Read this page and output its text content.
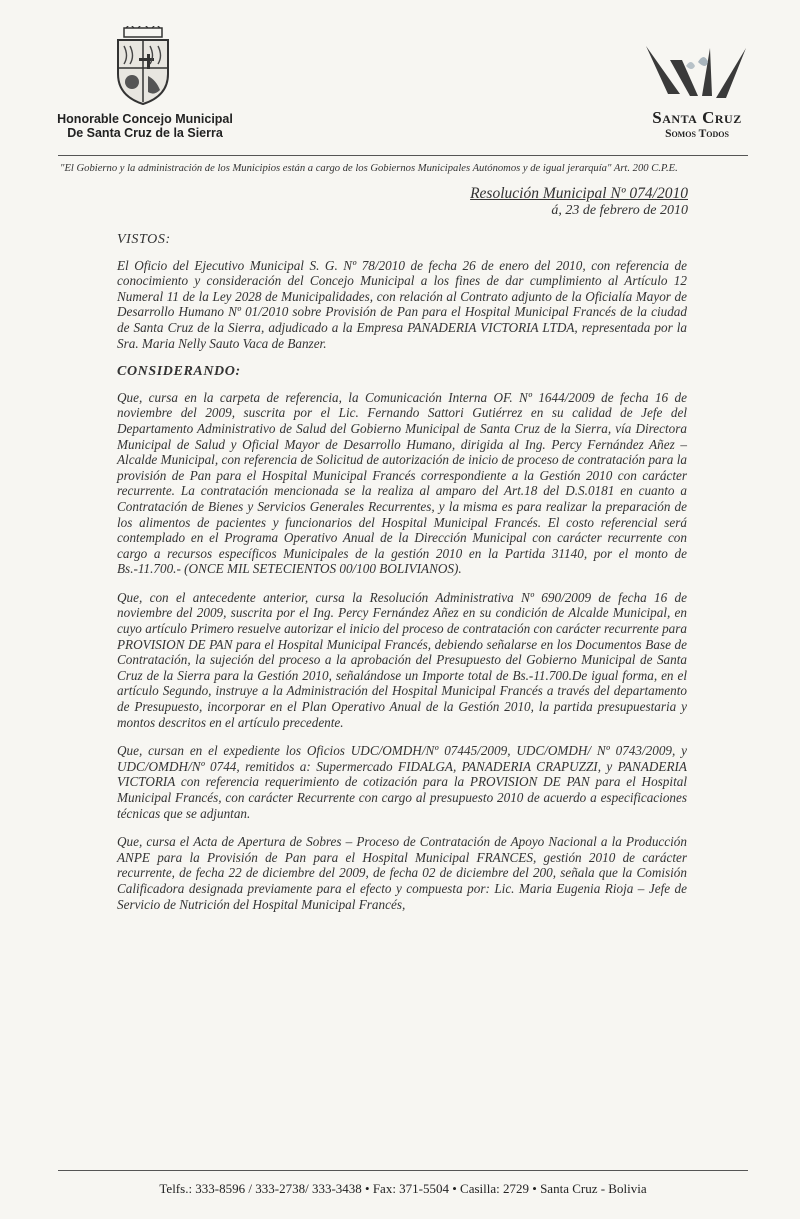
Honorable Concejo Municipal
De Santa Cruz de la Sierra
Santa Cruz
Somos Todos
"El Gobierno y la administración de los Municipios están a cargo de los Gobiernos Municipales Autónomos y de igual jerarquía" Art. 200 C.P.E.
Resolución Municipal Nº 074/2010
á, 23 de febrero de 2010
VISTOS:

El Oficio del Ejecutivo Municipal S. G. Nº 78/2010 de fecha 26 de enero del 2010, con referencia de conocimiento y consideración del Concejo Municipal a los fines de dar cumplimiento al Artículo 12 Numeral 11 de la Ley 2028 de Municipalidades, con relación al Contrato adjunto de la Oficialía Mayor de Desarrollo Humano Nº 01/2010 sobre Provisión de Pan para el Hospital Municipal Francés de la ciudad de Santa Cruz de la Sierra, adjudicado a la Empresa PANADERIA VICTORIA LTDA, representada por la Sra. Maria Nelly Sauto Vaca de Banzer.

CONSIDERANDO:

Que, cursa en la carpeta de referencia, la Comunicación Interna OF. Nº 1644/2009 de fecha 16 de noviembre del 2009, suscrita por el Lic. Fernando Sattori Gutiérrez en su calidad de Jefe del Departamento Administrativo de Salud del Gobierno Municipal de Santa Cruz de la Sierra, vía Directora Municipal de Salud y Oficial Mayor de Desarrollo Humano, dirigida al Ing. Percy Fernández Añez – Alcalde Municipal, con referencia de Solicitud de autorización de inicio de proceso de contratación para la provisión de Pan para el Hospital Municipal Francés correspondiente a la Gestión 2010 con carácter recurrente. La contratación mencionada se la realiza al amparo del Art.18 del D.S.0181 en cuanto a Contratación de Bienes y Servicios Generales Recurrentes, y la misma es para realizar la preparación de los alimentos de pacientes y funcionarios del Hospital Municipal Francés. El costo referencial será contemplado en el Programa Operativo Anual de la Dirección Municipal con carácter recurrente con cargo a recursos específicos Municipales de la gestión 2010 en la Partida 31140, por el monto de Bs.-11.700.- (ONCE MIL SETECIENTOS 00/100 BOLIVIANOS).

Que, con el antecedente anterior, cursa la Resolución Administrativa Nº 690/2009 de fecha 16 de noviembre del 2009, suscrita por el Ing. Percy Fernández Añez en su condición de Alcalde Municipal, en cuyo artículo Primero resuelve autorizar el inicio del proceso de contratación con carácter recurrente para PROVISION DE PAN para el Hospital Municipal Francés, debiendo señalarse en los Documentos Base de Contratación, la sujeción del proceso a la aprobación del Presupuesto del Gobierno Municipal de Santa Cruz de la Sierra para la Gestión 2010, señalándose un Importe total de Bs.-11.700.De igual forma, en el artículo Segundo, instruye a la Administración del Hospital Municipal Francés a través del departamento de Presupuesto, incorporar en el Plan Operativo Anual de la Gestión 2010, la partida presupuestaria y montos descritos en el artículo precedente.

Que, cursan en el expediente los Oficios UDC/OMDH/Nº 07445/2009, UDC/OMDH/ Nº 0743/2009, y UDC/OMDH/Nº 0744, remitidos a: Supermercado FIDALGA, PANADERIA CRAPUZZI, y PANADERIA VICTORIA con referencia requerimiento de cotización para la PROVISION DE PAN para el Hospital Municipal Francés, con carácter Recurrente con cargo al presupuesto 2010 de acuerdo a especificaciones técnicas que se adjuntan.

Que, cursa el Acta de Apertura de Sobres – Proceso de Contratación de Apoyo Nacional a la Producción ANPE para la Provisión de Pan para el Hospital Municipal FRANCES, gestión 2010 de carácter recurrente, de fecha 22 de diciembre del 2009, de fecha 02 de diciembre del 200, señala que la Comisión Calificadora designada previamente para el efecto y compuesta por: Lic. Maria Eugenia Rioja – Jefe de Servicio de Nutrición del Hospital Municipal Francés,

Telfs.: 333-8596 / 333-2738/ 333-3438 • Fax: 371-5504 • Casilla: 2729 • Santa Cruz - Bolivia
